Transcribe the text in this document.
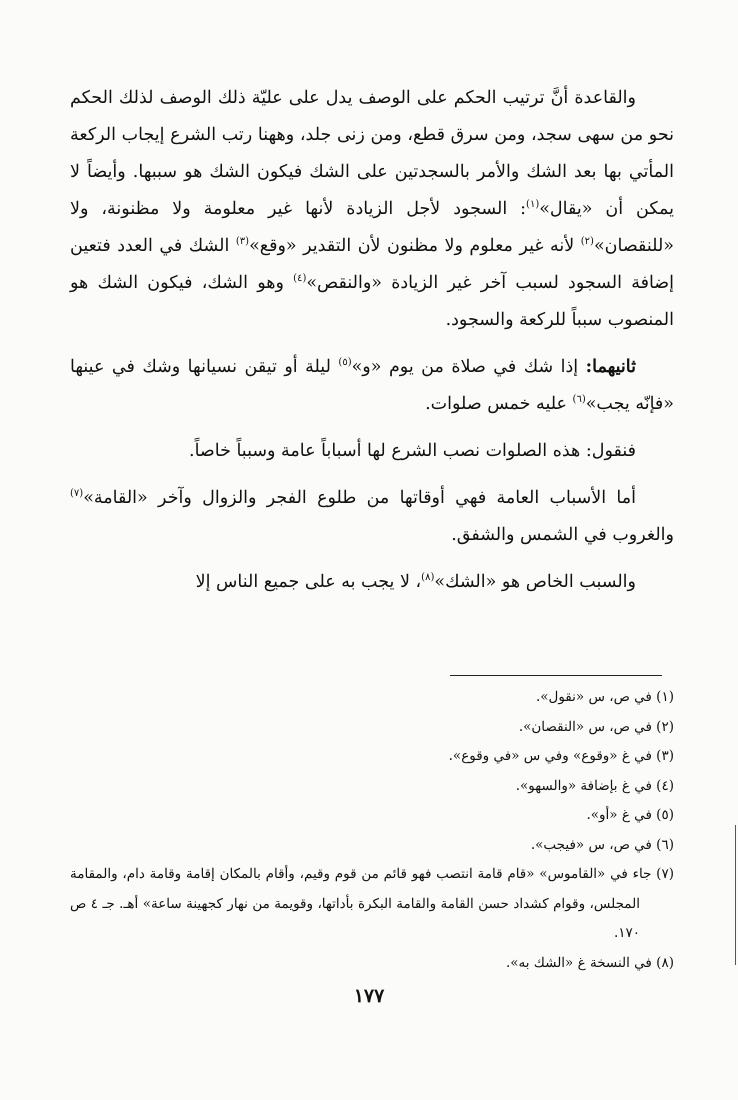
والقاعدة أنَّ ترتيب الحكم على الوصف يدل على عليّة ذلك الوصف لذلك الحكم نحو من سهى سجد، ومن سرق قطع، ومن زنى جلد، وههنا رتب الشرع إيجاب الركعة المأتي بها بعد الشك والأمر بالسجدتين على الشك فيكون الشك هو سببها. وأيضاً لا يمكن أن «يقال»$^{(١)}$: السجود لأجل الزيادة لأنها غير معلومة ولا مظنونة، ولا «للنقصان»$^{(٢)}$ لأنه غير معلوم ولا مظنون لأن التقدير «وقع»$^{(٣)}$ الشك في العدد فتعين إضافة السجود لسبب آخر غير الزيادة «والنقص»$^{(٤)}$ وهو الشك، فيكون الشك هو المنصوب سبباً للركعة والسجود.

ثانيهما: إذا شك في صلاة من يوم «و»$^{(٥)}$ ليلة أو تيقن نسيانها وشك في عينها «فإنّه يجب»$^{(٦)}$ عليه خمس صلوات.

فنقول: هذه الصلوات نصب الشرع لها أسباباً عامة وسبباً خاصاً.

أما الأسباب العامة فهي أوقاتها من طلوع الفجر والزوال وآخر «القامة»$^{(٧)}$ والغروب في الشمس والشفق.

والسبب الخاص هو «الشك»$^{(٨)}$، لا يجب به على جميع الناس إلا

(١) في ص، س «نقول».

(٢) في ص، س «النقصان».

(٣) في غ «وقوع» وفي س «في وقوع».

(٤) في غ بإضافة «والسهو».

(٥) في غ «أو».

(٦) في ص، س «فيجب».

(٧) جاء في «القاموس» «قام قامة انتصب فهو قائم من قوم وقيم، وأقام بالمكان إقامة وقامة دام، والمقامة المجلس، وقوام كشداد حسن القامة والقامة البكرة بأداتها، وقويمة من نهار كجهينة ساعة» أهـ. جـ ٤ ص ١٧٠.

(٨) في النسخة غ «الشك به».

١٧٧
